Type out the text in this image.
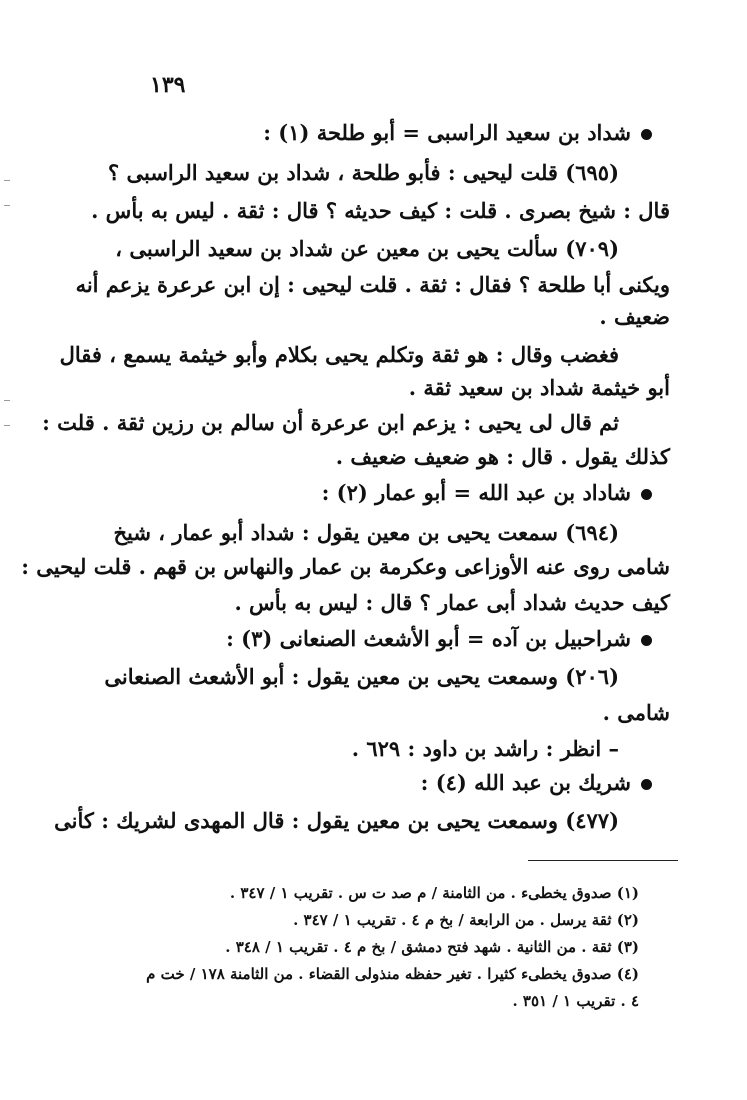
١٣٩
شداد بن سعيد الراسبى = أبو طلحة (١) :
(٦٩٥) قلت ليحيى : فأبو طلحة ، شداد بن سعيد الراسبى ؟
قال : شيخ بصرى . قلت : كيف حديثه ؟ قال : ثقة . ليس به بأس .
(٧٠٩) سألت يحيى بن معين عن شداد بن سعيد الراسبى ،
ويكنى أبا طلحة ؟ فقال : ثقة . قلت ليحيى : إن ابن عرعرة يزعم أنه
ضعيف .
فغضب وقال : هو ثقة وتكلم يحيى بكلام وأبو خيثمة يسمع ، فقال
أبو خيثمة شداد بن سعيد ثقة .
ثم قال لى يحيى : يزعم ابن عرعرة أن سالم بن رزين ثقة . قلت :
كذلك يقول . قال : هو ضعيف ضعيف .
شاداد بن عبد الله = أبو عمار (٢) :
(٦٩٤) سمعت يحيى بن معين يقول : شداد أبو عمار ، شيخ
شامى روى عنه الأوزاعى وعكرمة بن عمار والنهاس بن قهم . قلت ليحيى :
كيف حديث شداد أبى عمار ؟ قال : ليس به بأس .
شراحبيل بن آده = أبو الأشعث الصنعانى (٣) :
(٢٠٦) وسمعت يحيى بن معين يقول : أبو الأشعث الصنعانى
شامى .
– انظر : راشد بن داود : ٦٢٩ .
شريك بن عبد الله (٤) :
(٤٧٧) وسمعت يحيى بن معين يقول : قال المهدى لشريك : كأنى
(١) صدوق يخطىء . من الثامنة / م صد ت س . تقريب ١ / ٣٤٧ .
(٢) ثقة يرسل . من الرابعة / بخ م ٤ . تقريب ١ / ٣٤٧ .
(٣) ثقة . من الثانية . شهد فتح دمشق / بخ م ٤ . تقريب ١ / ٣٤٨ .
(٤) صدوق يخطىء كثيرا . تغير حفظه منذولى القضاء . من الثامنة ١٧٨ / خت م
٤ . تقريب ١ / ٣٥١ .
